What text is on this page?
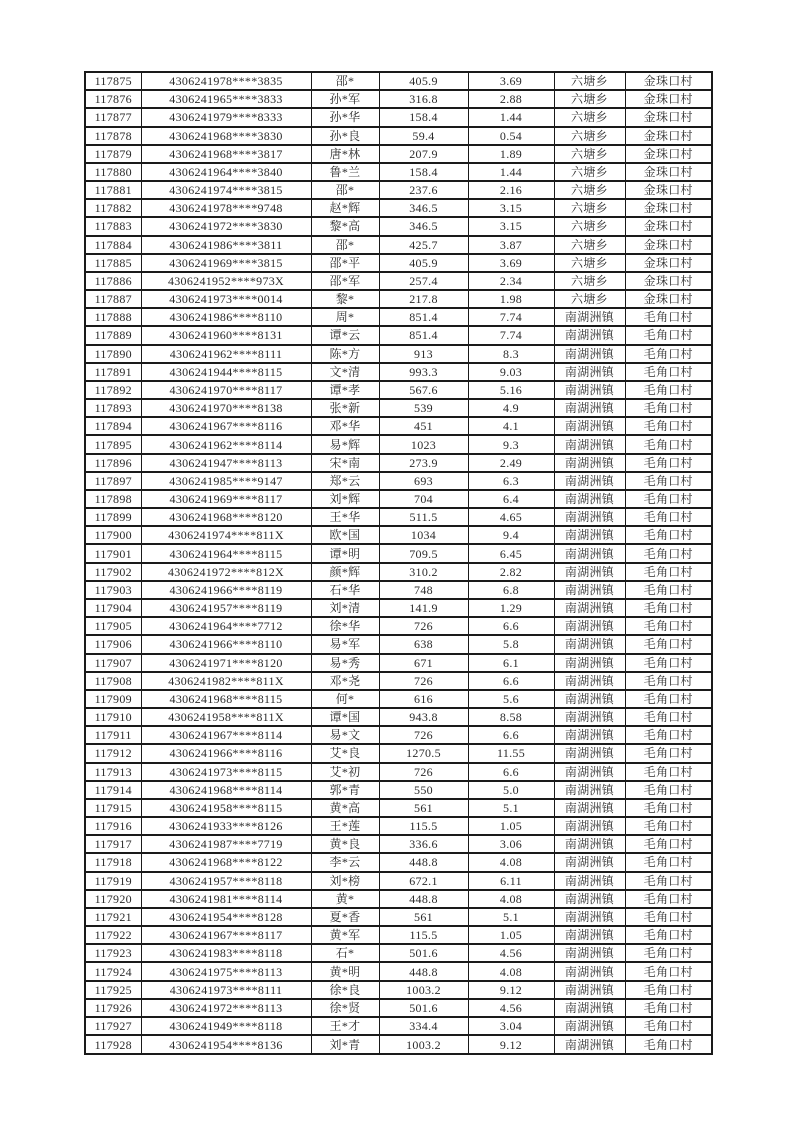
117875	4306241978****3835	邵*	405.9	3.69	六塘乡	金珠口村
117876	4306241965****3833	孙*军	316.8	2.88	六塘乡	金珠口村
117877	4306241979****8333	孙*华	158.4	1.44	六塘乡	金珠口村
117878	4306241968****3830	孙*良	59.4	0.54	六塘乡	金珠口村
117879	4306241968****3817	唐*林	207.9	1.89	六塘乡	金珠口村
117880	4306241964****3840	鲁*兰	158.4	1.44	六塘乡	金珠口村
117881	4306241974****3815	邵*	237.6	2.16	六塘乡	金珠口村
117882	4306241978****9748	赵*辉	346.5	3.15	六塘乡	金珠口村
117883	4306241972****3830	黎*高	346.5	3.15	六塘乡	金珠口村
117884	4306241986****3811	邵*	425.7	3.87	六塘乡	金珠口村
117885	4306241969****3815	邵*平	405.9	3.69	六塘乡	金珠口村
117886	4306241952****973X	邵*军	257.4	2.34	六塘乡	金珠口村
117887	4306241973****0014	黎*	217.8	1.98	六塘乡	金珠口村
117888	4306241986****8110	周*	851.4	7.74	南湖洲镇	毛角口村
117889	4306241960****8131	谭*云	851.4	7.74	南湖洲镇	毛角口村
117890	4306241962****8111	陈*方	913	8.3	南湖洲镇	毛角口村
117891	4306241944****8115	文*清	993.3	9.03	南湖洲镇	毛角口村
117892	4306241970****8117	谭*孝	567.6	5.16	南湖洲镇	毛角口村
117893	4306241970****8138	张*新	539	4.9	南湖洲镇	毛角口村
117894	4306241967****8116	邓*华	451	4.1	南湖洲镇	毛角口村
117895	4306241962****8114	易*辉	1023	9.3	南湖洲镇	毛角口村
117896	4306241947****8113	宋*南	273.9	2.49	南湖洲镇	毛角口村
117897	4306241985****9147	郑*云	693	6.3	南湖洲镇	毛角口村
117898	4306241969****8117	刘*辉	704	6.4	南湖洲镇	毛角口村
117899	4306241968****8120	王*华	511.5	4.65	南湖洲镇	毛角口村
117900	4306241974****811X	欧*国	1034	9.4	南湖洲镇	毛角口村
117901	4306241964****8115	谭*明	709.5	6.45	南湖洲镇	毛角口村
117902	4306241972****812X	颜*辉	310.2	2.82	南湖洲镇	毛角口村
117903	4306241966****8119	石*华	748	6.8	南湖洲镇	毛角口村
117904	4306241957****8119	刘*清	141.9	1.29	南湖洲镇	毛角口村
117905	4306241964****7712	徐*华	726	6.6	南湖洲镇	毛角口村
117906	4306241966****8110	易*军	638	5.8	南湖洲镇	毛角口村
117907	4306241971****8120	易*秀	671	6.1	南湖洲镇	毛角口村
117908	4306241982****811X	邓*尧	726	6.6	南湖洲镇	毛角口村
117909	4306241968****8115	何*	616	5.6	南湖洲镇	毛角口村
117910	4306241958****811X	谭*国	943.8	8.58	南湖洲镇	毛角口村
117911	4306241967****8114	易*文	726	6.6	南湖洲镇	毛角口村
117912	4306241966****8116	艾*良	1270.5	11.55	南湖洲镇	毛角口村
117913	4306241973****8115	艾*初	726	6.6	南湖洲镇	毛角口村
117914	4306241968****8114	郭*青	550	5.0	南湖洲镇	毛角口村
117915	4306241958****8115	黄*高	561	5.1	南湖洲镇	毛角口村
117916	4306241933****8126	王*莲	115.5	1.05	南湖洲镇	毛角口村
117917	4306241987****7719	黄*良	336.6	3.06	南湖洲镇	毛角口村
117918	4306241968****8122	李*云	448.8	4.08	南湖洲镇	毛角口村
117919	4306241957****8118	刘*榜	672.1	6.11	南湖洲镇	毛角口村
117920	4306241981****8114	黄*	448.8	4.08	南湖洲镇	毛角口村
117921	4306241954****8128	夏*香	561	5.1	南湖洲镇	毛角口村
117922	4306241967****8117	黄*军	115.5	1.05	南湖洲镇	毛角口村
117923	4306241983****8118	石*	501.6	4.56	南湖洲镇	毛角口村
117924	4306241975****8113	黄*明	448.8	4.08	南湖洲镇	毛角口村
117925	4306241973****8111	徐*良	1003.2	9.12	南湖洲镇	毛角口村
117926	4306241972****8113	徐*贤	501.6	4.56	南湖洲镇	毛角口村
117927	4306241949****8118	王*才	334.4	3.04	南湖洲镇	毛角口村
117928	4306241954****8136	刘*青	1003.2	9.12	南湖洲镇	毛角口村
